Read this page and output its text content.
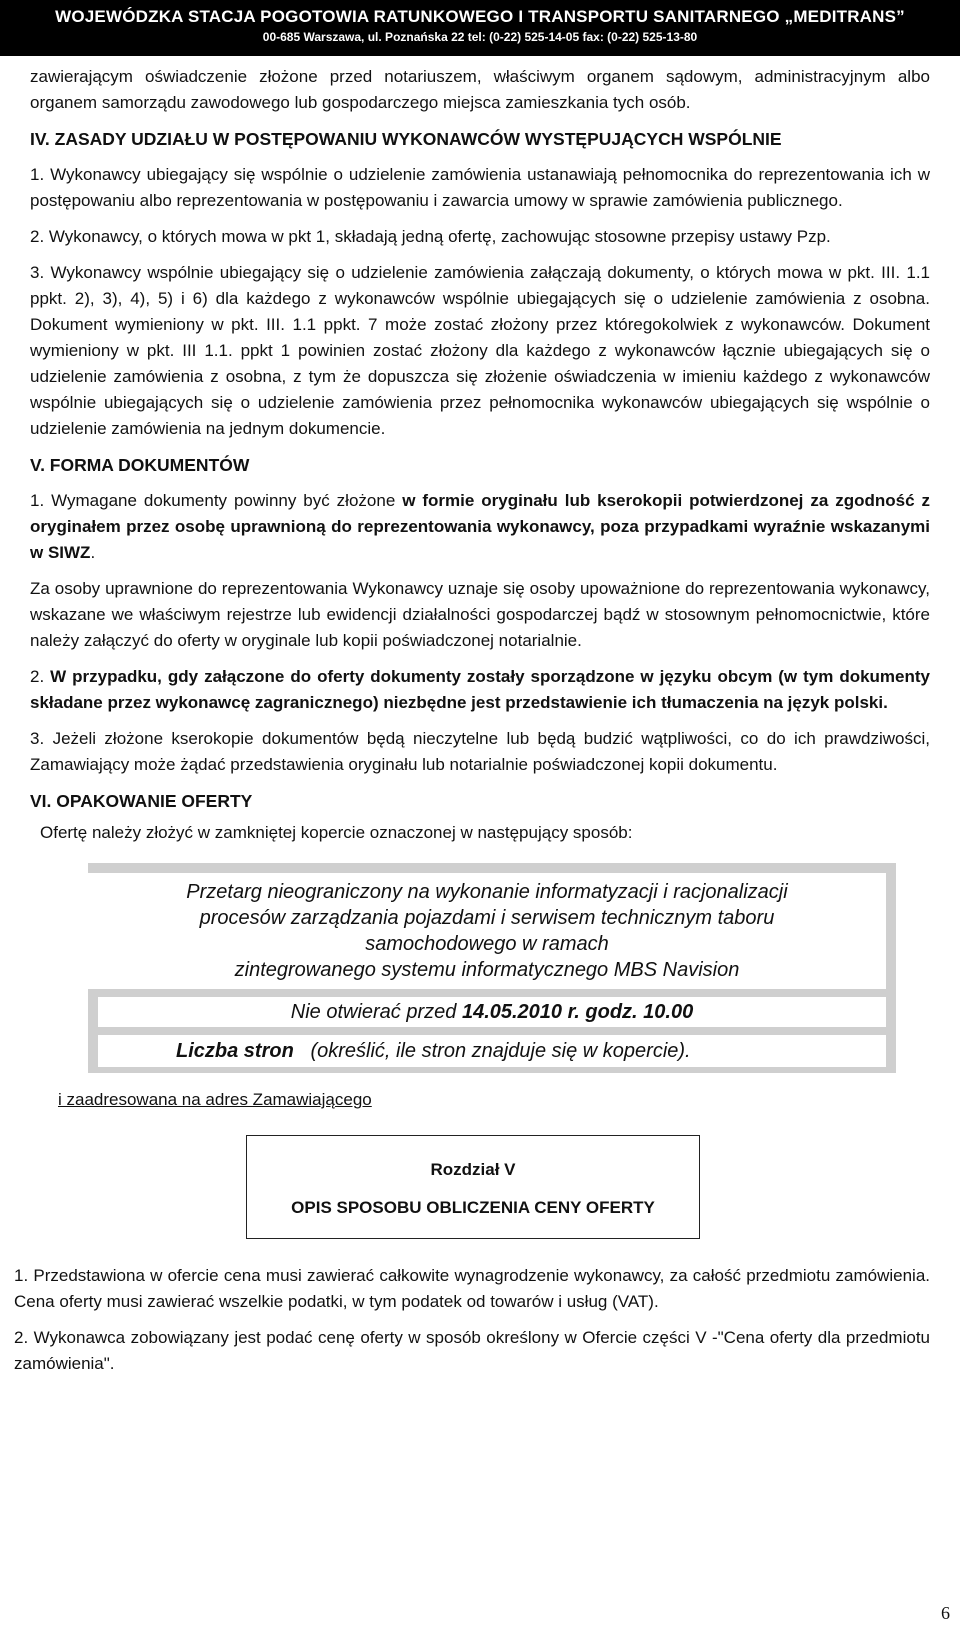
WOJEWÓDZKA STACJA POGOTOWIA RATUNKOWEGO I TRANSPORTU SANITARNEGO „MEDITRANS”
00-685 Warszawa, ul. Poznańska 22 tel: (0-22) 525-14-05 fax: (0-22) 525-13-80

zawierającym oświadczenie złożone przed notariuszem, właściwym organem sądowym, administracyjnym albo organem samorządu zawodowego lub gospodarczego miejsca zamieszkania tych osób.

IV. ZASADY UDZIAŁU W POSTĘPOWANIU WYKONAWCÓW WYSTĘPUJĄCYCH WSPÓLNIE

1. Wykonawcy ubiegający się wspólnie o udzielenie zamówienia ustanawiają pełnomocnika do reprezentowania ich w postępowaniu albo reprezentowania w postępowaniu i zawarcia umowy w sprawie zamówienia publicznego.

2. Wykonawcy, o których mowa w pkt 1, składają jedną ofertę, zachowując stosowne przepisy ustawy Pzp.

3. Wykonawcy wspólnie ubiegający się o udzielenie zamówienia załączają dokumenty, o których mowa w pkt. III. 1.1 ppkt. 2), 3), 4), 5) i 6) dla każdego z wykonawców wspólnie ubiegających się o udzielenie zamówienia z osobna. Dokument wymieniony w pkt. III. 1.1 ppkt. 7 może zostać złożony przez któregokolwiek z wykonawców. Dokument wymieniony w pkt. III 1.1. ppkt 1 powinien zostać złożony dla każdego z wykonawców łącznie ubiegających się o udzielenie zamówienia z osobna, z tym że dopuszcza się złożenie oświadczenia w imieniu każdego z wykonawców wspólnie ubiegających się o udzielenie zamówienia przez pełnomocnika wykonawców ubiegających się wspólnie o udzielenie zamówienia na jednym dokumencie.

V. FORMA DOKUMENTÓW

1. Wymagane dokumenty powinny być złożone w formie oryginału lub kserokopii potwierdzonej za zgodność z oryginałem przez osobę uprawnioną do reprezentowania wykonawcy, poza przypadkami wyraźnie wskazanymi w SIWZ.

Za osoby uprawnione do reprezentowania Wykonawcy uznaje się osoby upoważnione do reprezentowania wykonawcy, wskazane we właściwym rejestrze lub ewidencji działalności gospodarczej bądź w stosownym pełnomocnictwie, które należy załączyć do oferty w oryginale lub kopii poświadczonej notarialnie.

2. W przypadku, gdy załączone do oferty dokumenty zostały sporządzone w języku obcym (w tym dokumenty składane przez wykonawcę zagranicznego) niezbędne jest przedstawienie ich tłumaczenia na język polski.

3. Jeżeli złożone kserokopie dokumentów będą nieczytelne lub będą budzić wątpliwości, co do ich prawdziwości, Zamawiający może żądać przedstawienia oryginału lub notarialnie poświadczonej kopii dokumentu.

VI. OPAKOWANIE OFERTY

Ofertę należy złożyć w zamkniętej kopercie oznaczonej w następujący sposób:

Przetarg nieograniczony na wykonanie informatyzacji i racjonalizacji
procesów zarządzania pojazdami i serwisem technicznym taboru
samochodowego w ramach
zintegrowanego systemu informatycznego MBS Navision
Nie otwierać przed 14.05.2010 r. godz. 10.00
Liczba stron   (określić, ile stron znajduje się w kopercie).

i zaadresowana na adres Zamawiającego

Rozdział V
OPIS SPOSOBU OBLICZENIA CENY OFERTY

1. Przedstawiona w ofercie cena musi zawierać całkowite wynagrodzenie wykonawcy, za całość przedmiotu zamówienia. Cena oferty musi zawierać wszelkie podatki, w tym podatek od towarów i usług (VAT).

2. Wykonawca zobowiązany jest podać cenę oferty w sposób określony w Ofercie części V -"Cena oferty dla przedmiotu zamówienia".

6
